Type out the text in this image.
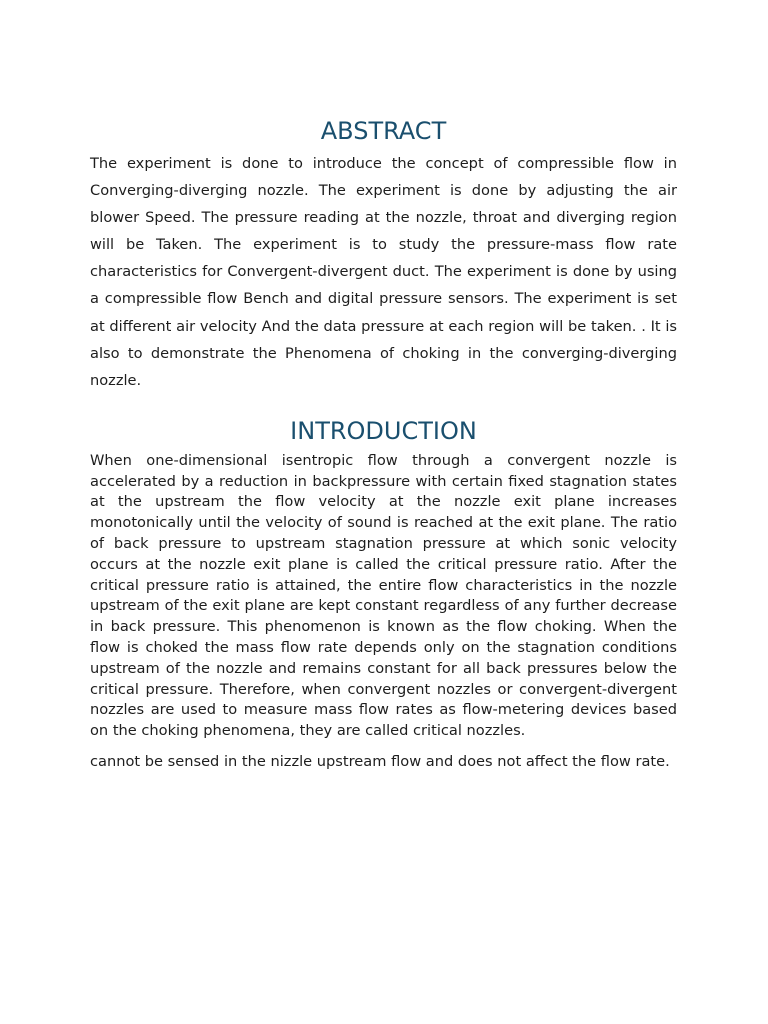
ABSTRACT

The experiment is done to introduce the concept of compressible flow in Converging-diverging nozzle. The experiment is done by adjusting the air blower Speed. The pressure reading at the nozzle, throat and diverging region will be Taken. The experiment is to study the pressure-mass flow rate characteristics for Convergent-divergent duct. The experiment is done by using a compressible flow Bench and digital pressure sensors. The experiment is set at different air velocity And the data pressure at each region will be taken. . It is also to demonstrate the Phenomena of choking in the converging-diverging nozzle.

INTRODUCTION

When one-dimensional isentropic flow through a convergent nozzle is accelerated by a reduction in backpressure with certain fixed stagnation states at the upstream the flow velocity at the nozzle exit plane increases monotonically until the velocity of sound is reached at the exit plane. The ratio of back pressure to upstream stagnation pressure at which sonic velocity occurs at the nozzle exit plane is called the critical pressure ratio. After the critical pressure ratio is attained, the entire flow characteristics in the nozzle upstream of the exit plane are kept constant regardless of any further decrease in back pressure. This phenomenon is known as the flow choking. When the flow is choked the mass flow rate depends only on the stagnation conditions upstream of the nozzle and remains constant for all back pressures below the critical pressure. Therefore, when convergent nozzles or convergent-divergent nozzles are used to measure mass flow rates as flow-metering devices based on the choking phenomena, they are called critical nozzles.

cannot be sensed in the nizzle upstream flow and does not affect the flow rate.
